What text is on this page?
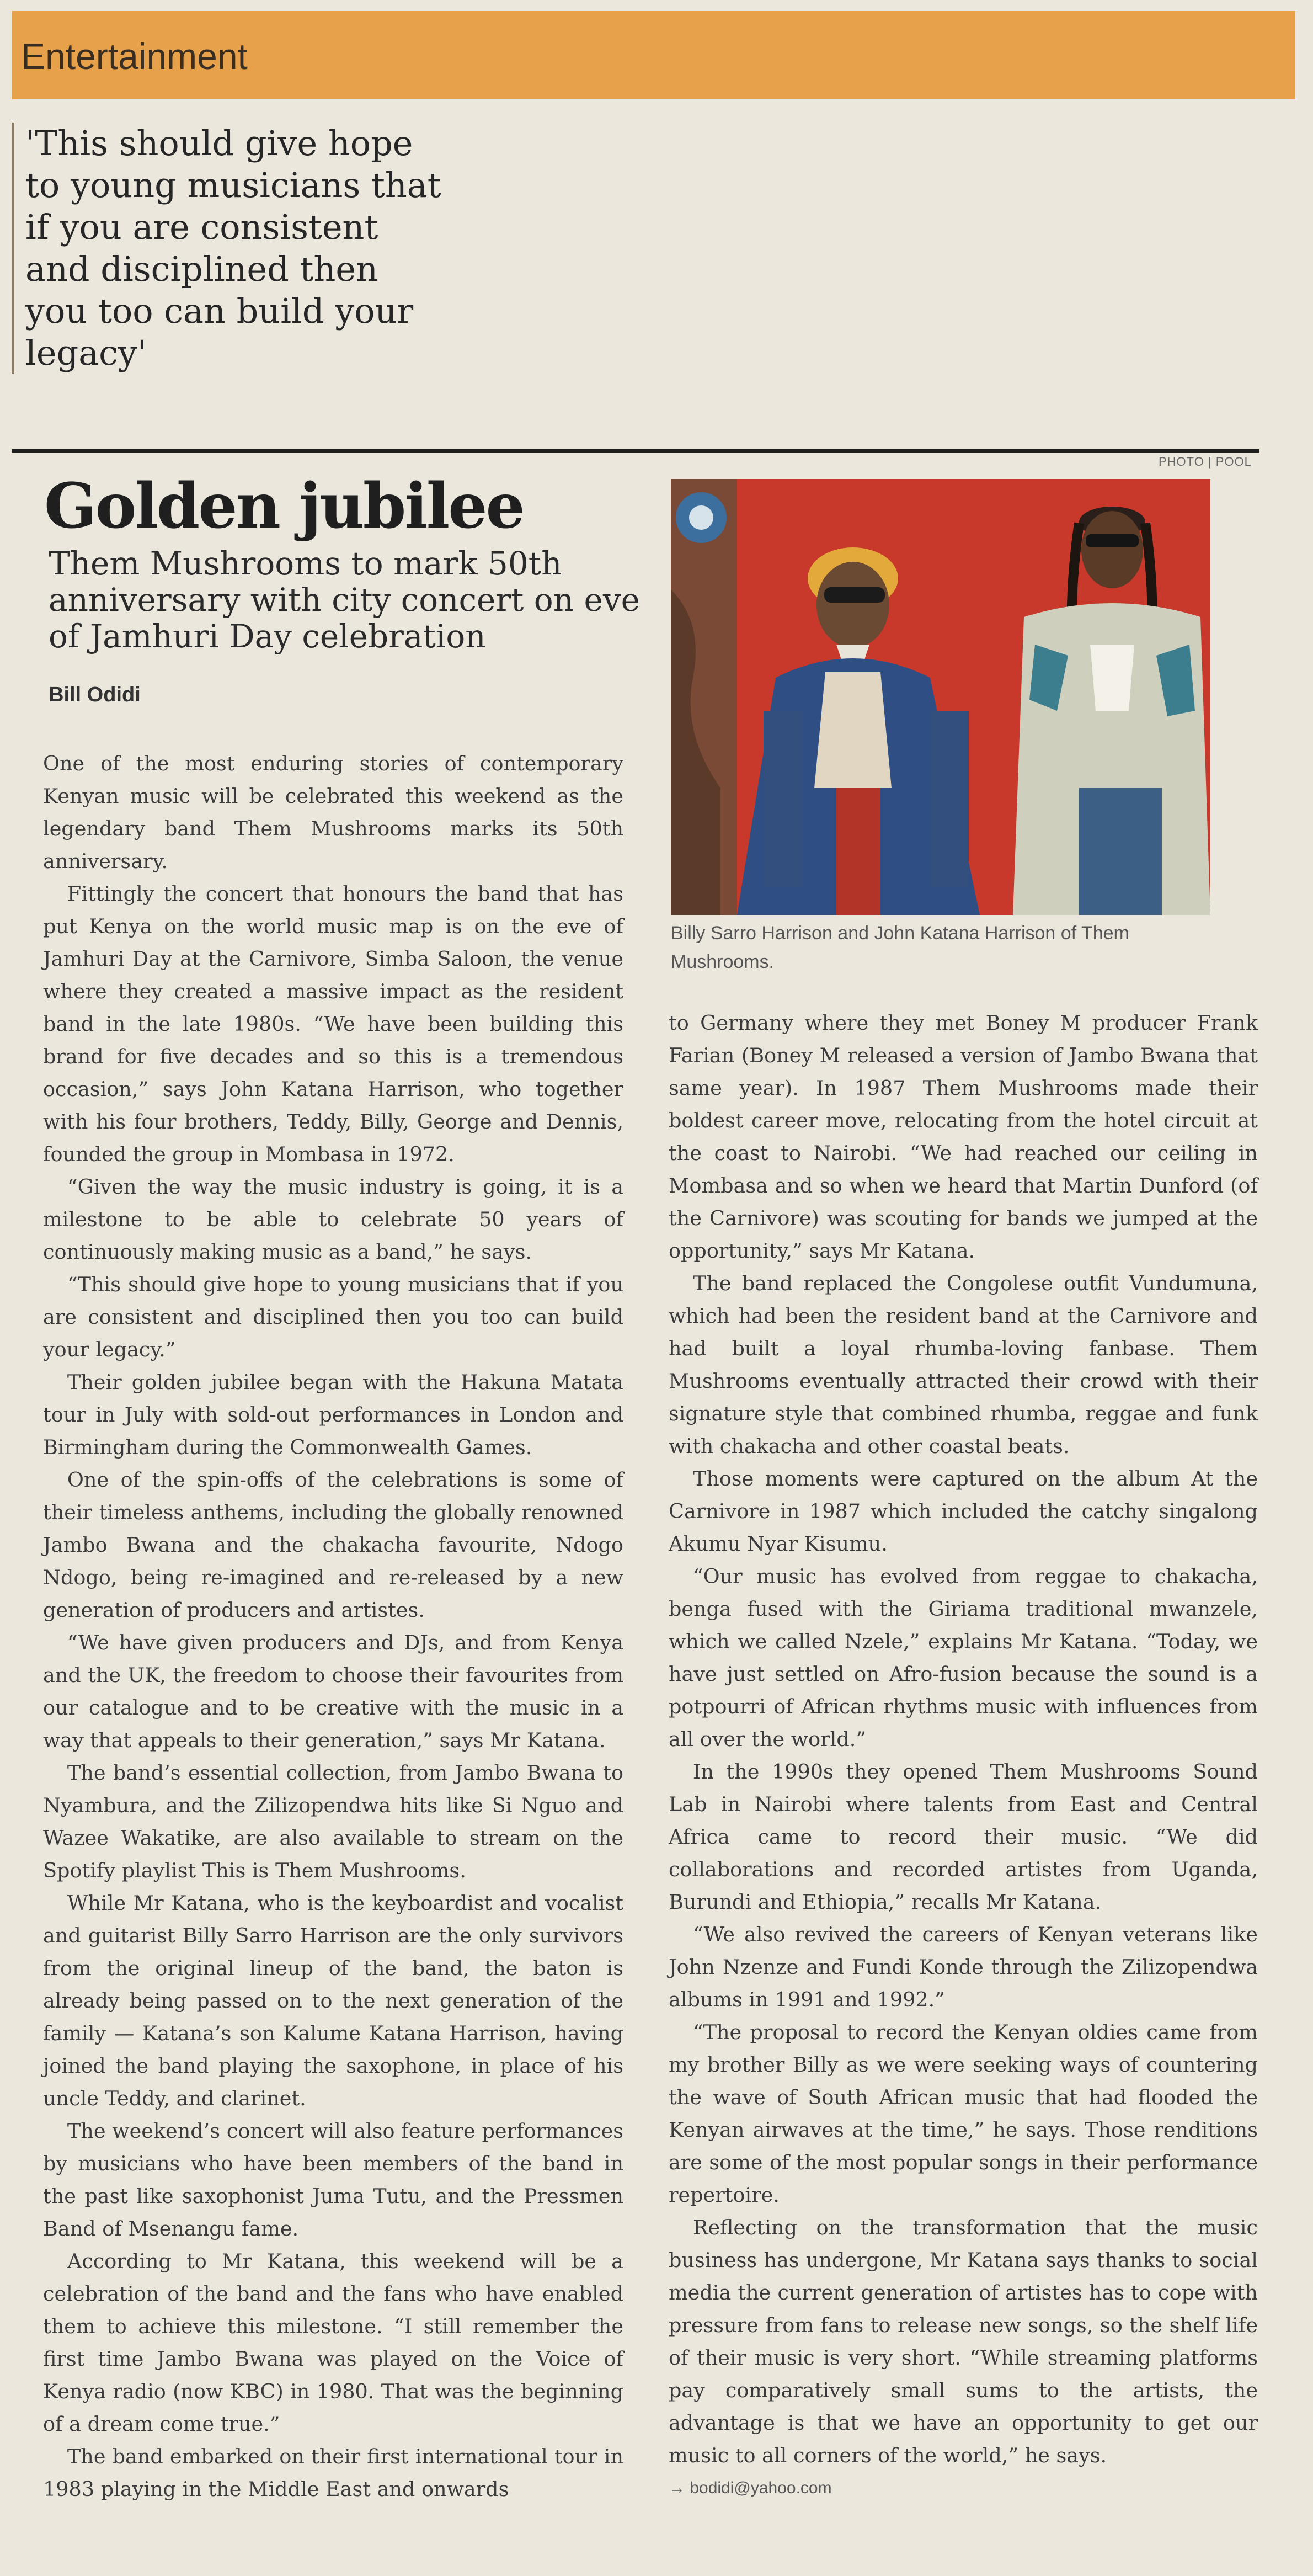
Entertainment
'This should give hope to young musicians that if you are consistent and disciplined then you too can build your legacy'
PHOTO | POOL
Golden jubilee
Them Mushrooms to mark 50th anniversary with city concert on eve of Jamhuri Day celebration
Bill Odidi
Billy Sarro Harrison and John Katana Harrison of Them Mushrooms.

One of the most enduring stories of contemporary Kenyan music will be celebrated this weekend as the legendary band Them Mushrooms marks its 50th anniversary.

Fittingly the concert that honours the band that has put Kenya on the world music map is on the eve of Jamhuri Day at the Carnivore, Simba Saloon, the venue where they created a massive impact as the resident band in the late 1980s. “We have been building this brand for five decades and so this is a tremendous occasion,” says John Katana Harrison, who together with his four brothers, Teddy, Billy, George and Dennis, founded the group in Mombasa in 1972.

“Given the way the music industry is going, it is a milestone to be able to celebrate 50 years of continuously making music as a band,” he says.

“This should give hope to young musicians that if you are consistent and disciplined then you too can build your legacy.”

Their golden jubilee began with the Hakuna Matata tour in July with sold-out performances in London and Birmingham during the Commonwealth Games.

One of the spin-offs of the celebrations is some of their timeless anthems, including the globally renowned Jambo Bwana and the chakacha favourite, Ndogo Ndogo, being re-imagined and re-released by a new generation of producers and artistes.

“We have given producers and DJs, and from Kenya and the UK, the freedom to choose their favourites from our catalogue and to be creative with the music in a way that appeals to their generation,” says Mr Katana.

The band’s essential collection, from Jambo Bwana to Nyambura, and the Zilizopendwa hits like Si Nguo and Wazee Wakatike, are also available to stream on the Spotify playlist This is Them Mushrooms.

While Mr Katana, who is the keyboardist and vocalist and guitarist Billy Sarro Harrison are the only survivors from the original lineup of the band, the baton is already being passed on to the next generation of the family — Katana’s son Kalume Katana Harrison, having joined the band playing the saxophone, in place of his uncle Teddy, and clarinet.

The weekend’s concert will also feature performances by musicians who have been members of the band in the past like saxophonist Juma Tutu, and the Pressmen Band of Msenangu fame.

According to Mr Katana, this weekend will be a celebration of the band and the fans who have enabled them to achieve this milestone. “I still remember the first time Jambo Bwana was played on the Voice of Kenya radio (now KBC) in 1980. That was the beginning of a dream come true.”

The band embarked on their first international tour in 1983 playing in the Middle East and onwards

to Germany where they met Boney M producer Frank Farian (Boney M released a version of Jambo Bwana that same year). In 1987 Them Mushrooms made their boldest career move, relocating from the hotel circuit at the coast to Nairobi. “We had reached our ceiling in Mombasa and so when we heard that Martin Dunford (of the Carnivore) was scouting for bands we jumped at the opportunity,” says Mr Katana.

The band replaced the Congolese outfit Vundumuna, which had been the resident band at the Carnivore and had built a loyal rhumba-loving fanbase. Them Mushrooms eventually attracted their crowd with their signature style that combined rhumba, reggae and funk with chakacha and other coastal beats.

Those moments were captured on the album At the Carnivore in 1987 which included the catchy singalong Akumu Nyar Kisumu.

“Our music has evolved from reggae to chakacha, benga fused with the Giriama traditional mwanzele, which we called Nzele,” explains Mr Katana. “Today, we have just settled on Afro-fusion because the sound is a potpourri of African rhythms music with influences from all over the world.”

In the 1990s they opened Them Mushrooms Sound Lab in Nairobi where talents from East and Central Africa came to record their music. “We did collaborations and recorded artistes from Uganda, Burundi and Ethiopia,” recalls Mr Katana.

“We also revived the careers of Kenyan veterans like John Nzenze and Fundi Konde through the Zilizopendwa albums in 1991 and 1992.”

“The proposal to record the Kenyan oldies came from my brother Billy as we were seeking ways of countering the wave of South African music that had flooded the Kenyan airwaves at the time,” he says. Those renditions are some of the most popular songs in their performance repertoire.

Reflecting on the transformation that the music business has undergone, Mr Katana says thanks to social media the current generation of artistes has to cope with pressure from fans to release new songs, so the shelf life of their music is very short. “While streaming platforms pay comparatively small sums to the artists, the advantage is that we have an opportunity to get our music to all corners of the world,” he says.

→ bodidi@yahoo.com
